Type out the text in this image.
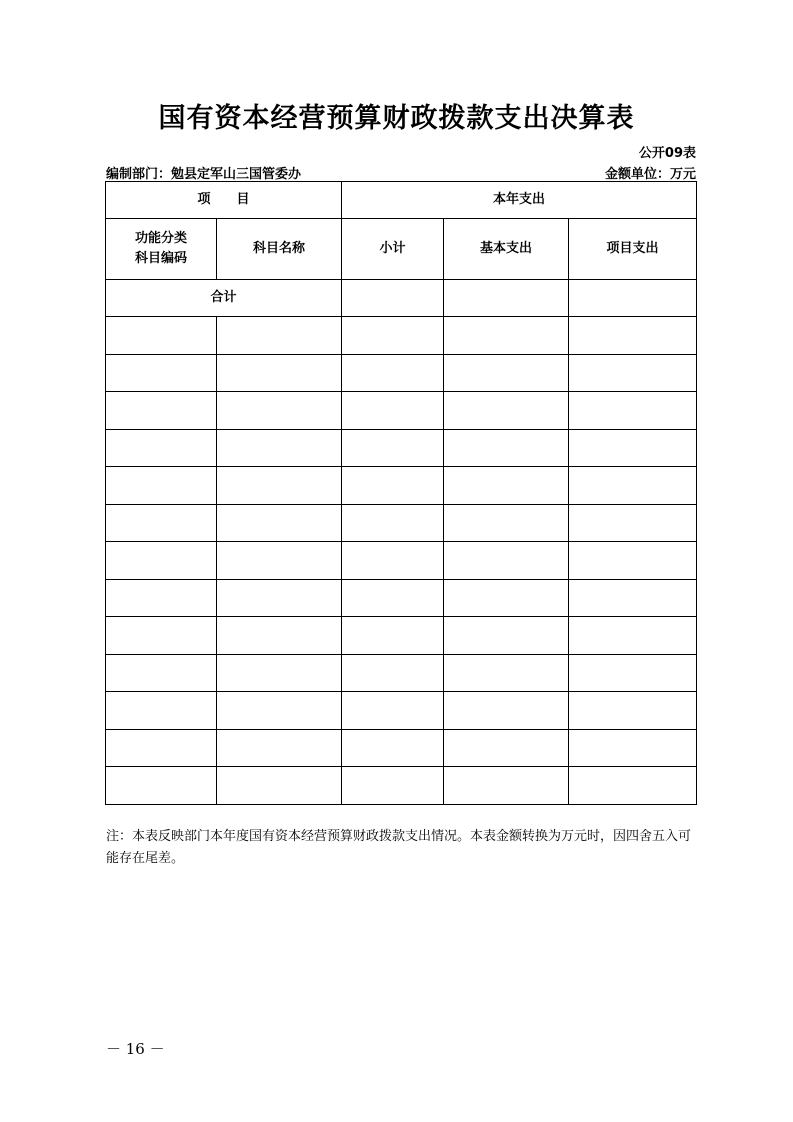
国有资本经营预算财政拨款支出决算表
公开09表
编制部门：勉县定军山三国管委办	金额单位：万元
项　　目		本年支出		

功能分类科目编码	科目名称	小计	基本支出	项目支出
合计				

注：本表反映部门本年度国有资本经营预算财政拨款支出情况。本表金额转换为万元时，因四舍五入可能存在尾差。
－ 16 －
